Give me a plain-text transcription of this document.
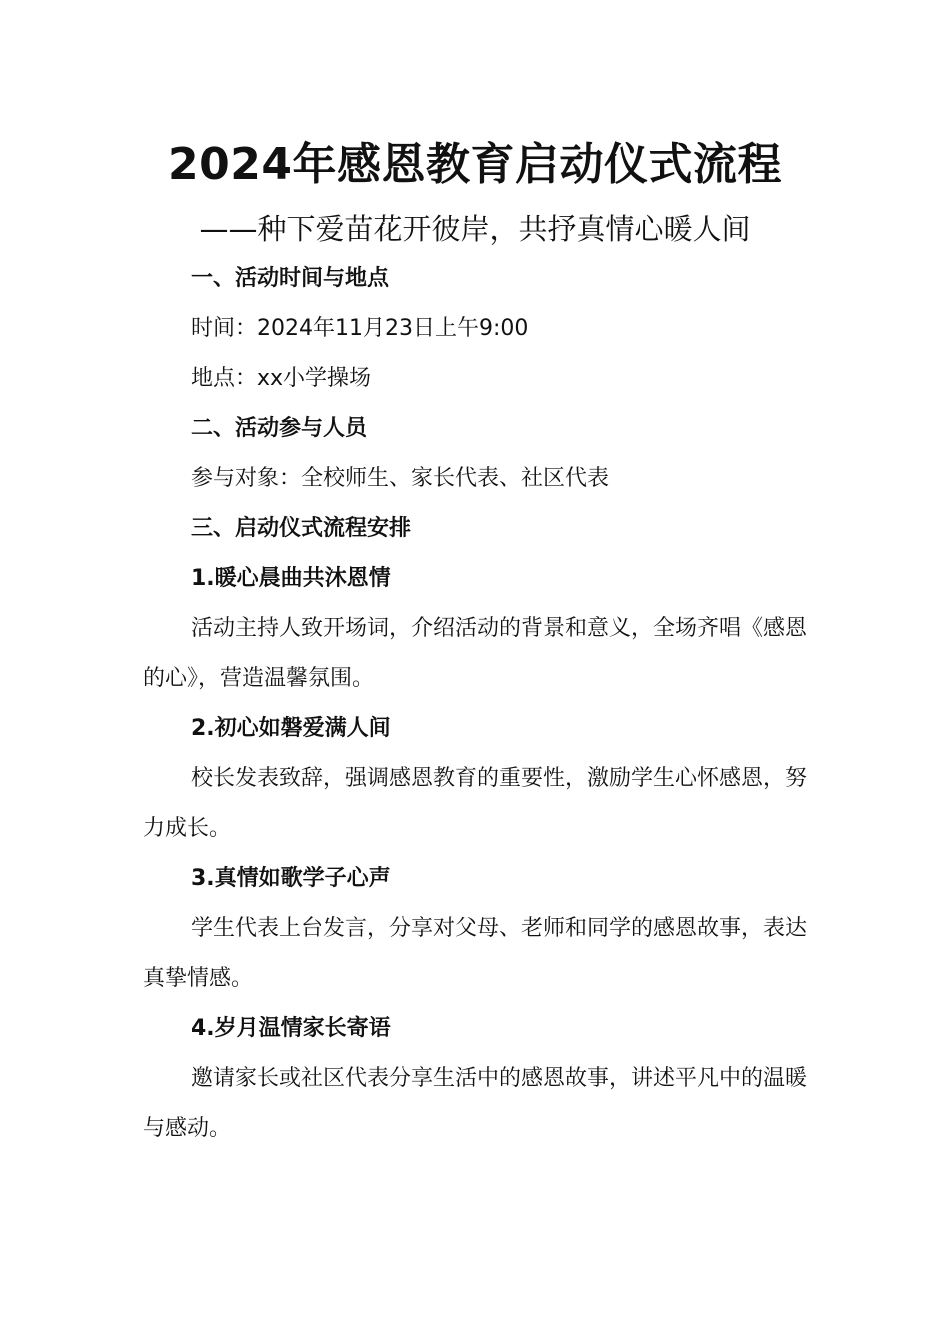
2024年感恩教育启动仪式流程

——种下爱苗花开彼岸，共抒真情心暖人间

一、活动时间与地点

时间：2024年11月23日上午9:00

地点：xx小学操场

二、活动参与人员

参与对象：全校师生、家长代表、社区代表

三、启动仪式流程安排

1.暖心晨曲共沐恩情

活动主持人致开场词，介绍活动的背景和意义，全场齐唱《感恩的心》，营造温馨氛围。

2.初心如磐爱满人间

校长发表致辞，强调感恩教育的重要性，激励学生心怀感恩，努力成长。

3.真情如歌学子心声

学生代表上台发言，分享对父母、老师和同学的感恩故事，表达真挚情感。

4.岁月温情家长寄语

邀请家长或社区代表分享生活中的感恩故事，讲述平凡中的温暖与感动。
